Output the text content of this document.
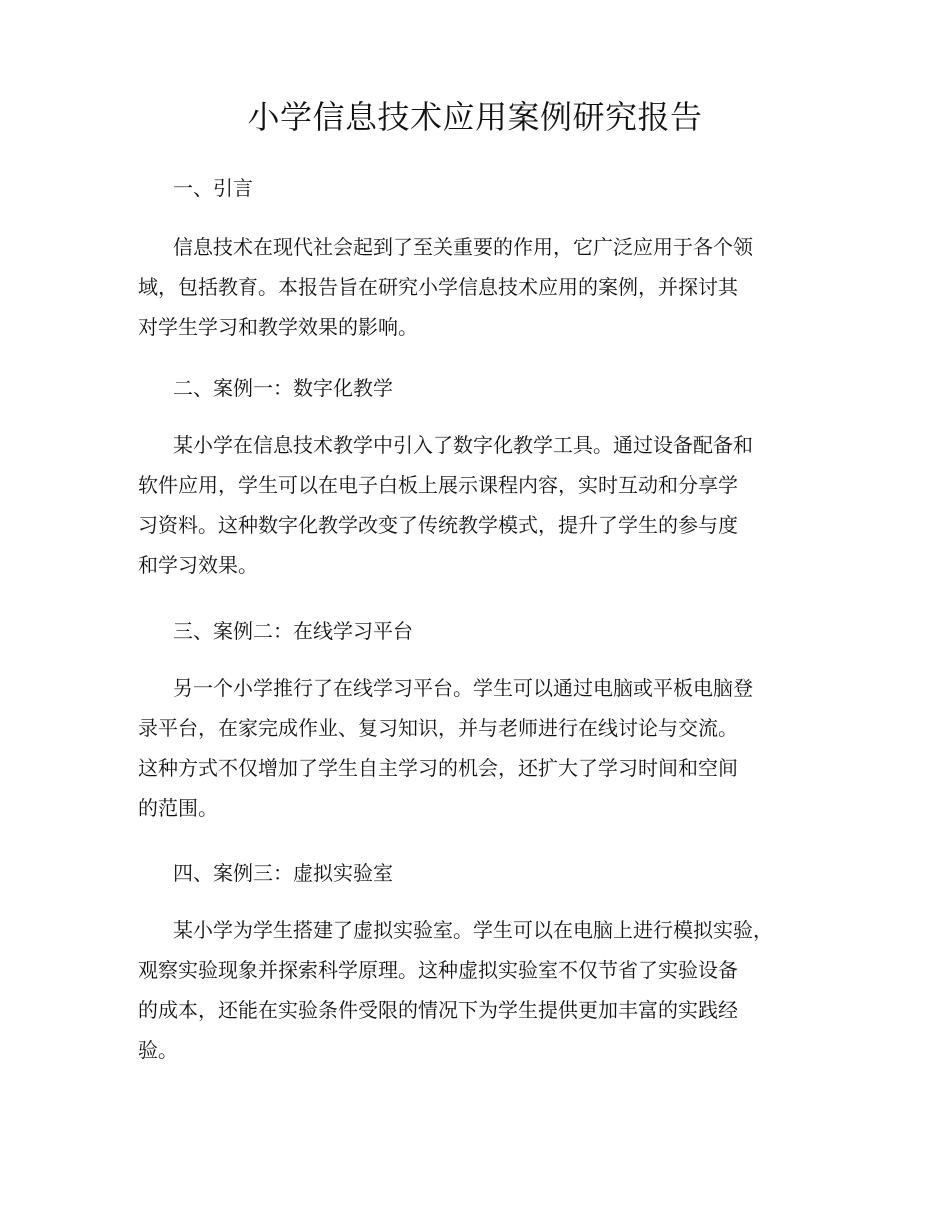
小学信息技术应用案例研究报告
一、引言
信息技术在现代社会起到了至关重要的作用，它广泛应用于各个领
域，包括教育。本报告旨在研究小学信息技术应用的案例，并探讨其
对学生学习和教学效果的影响。
二、案例一：数字化教学
某小学在信息技术教学中引入了数字化教学工具。通过设备配备和
软件应用，学生可以在电子白板上展示课程内容，实时互动和分享学
习资料。这种数字化教学改变了传统教学模式，提升了学生的参与度
和学习效果。
三、案例二：在线学习平台
另一个小学推行了在线学习平台。学生可以通过电脑或平板电脑登
录平台，在家完成作业、复习知识，并与老师进行在线讨论与交流。
这种方式不仅增加了学生自主学习的机会，还扩大了学习时间和空间
的范围。
四、案例三：虚拟实验室
某小学为学生搭建了虚拟实验室。学生可以在电脑上进行模拟实验，
观察实验现象并探索科学原理。这种虚拟实验室不仅节省了实验设备
的成本，还能在实验条件受限的情况下为学生提供更加丰富的实践经
验。
